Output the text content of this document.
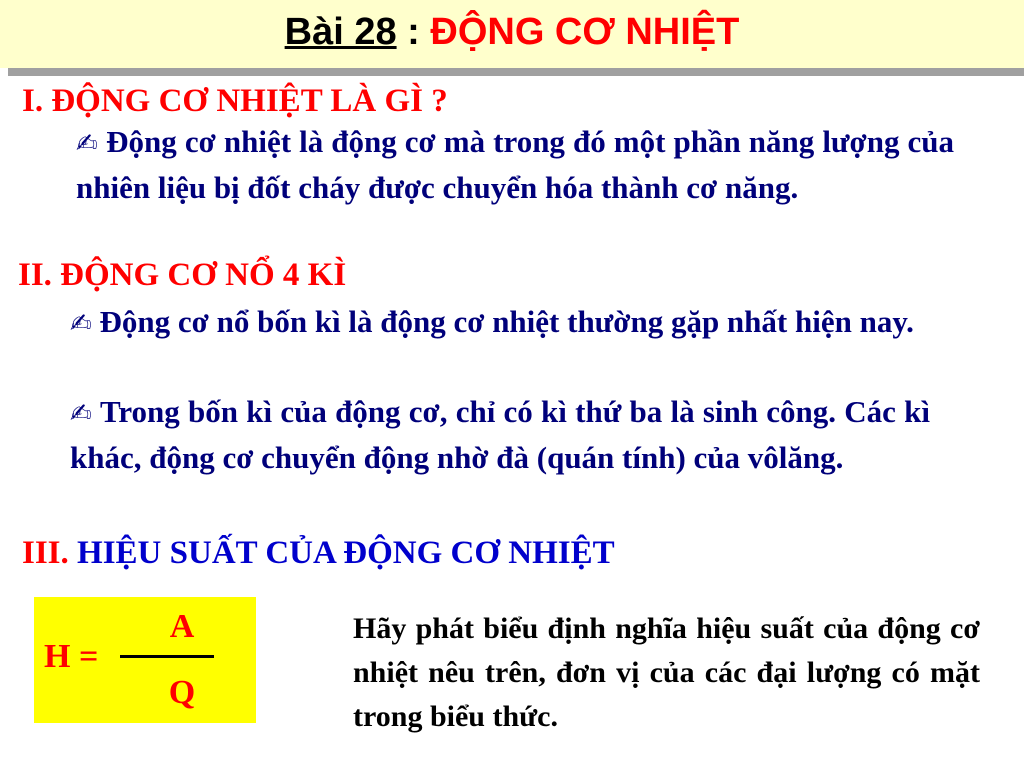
Bài 28 : ĐỘNG CƠ NHIỆT
I. ĐỘNG CƠ NHIỆT LÀ GÌ ?
✍ Động cơ nhiệt là động cơ mà trong đó một phần năng lượng của nhiên liệu bị đốt cháy được chuyển hóa thành cơ năng.
II. ĐỘNG CƠ NỔ 4 KÌ
✍ Động cơ nổ bốn kì là động cơ nhiệt thường gặp nhất hiện nay.
✍ Trong bốn kì của động cơ, chỉ có kì thứ ba là sinh công. Các kì khác, động cơ chuyển động nhờ đà (quán tính) của vôlăng.
III. HIỆU SUẤT CỦA ĐỘNG CƠ NHIỆT
H =
A
Q
Hãy phát biểu định nghĩa hiệu suất của động cơ nhiệt nêu trên, đơn vị của các đại lượng có mặt trong biểu thức.
